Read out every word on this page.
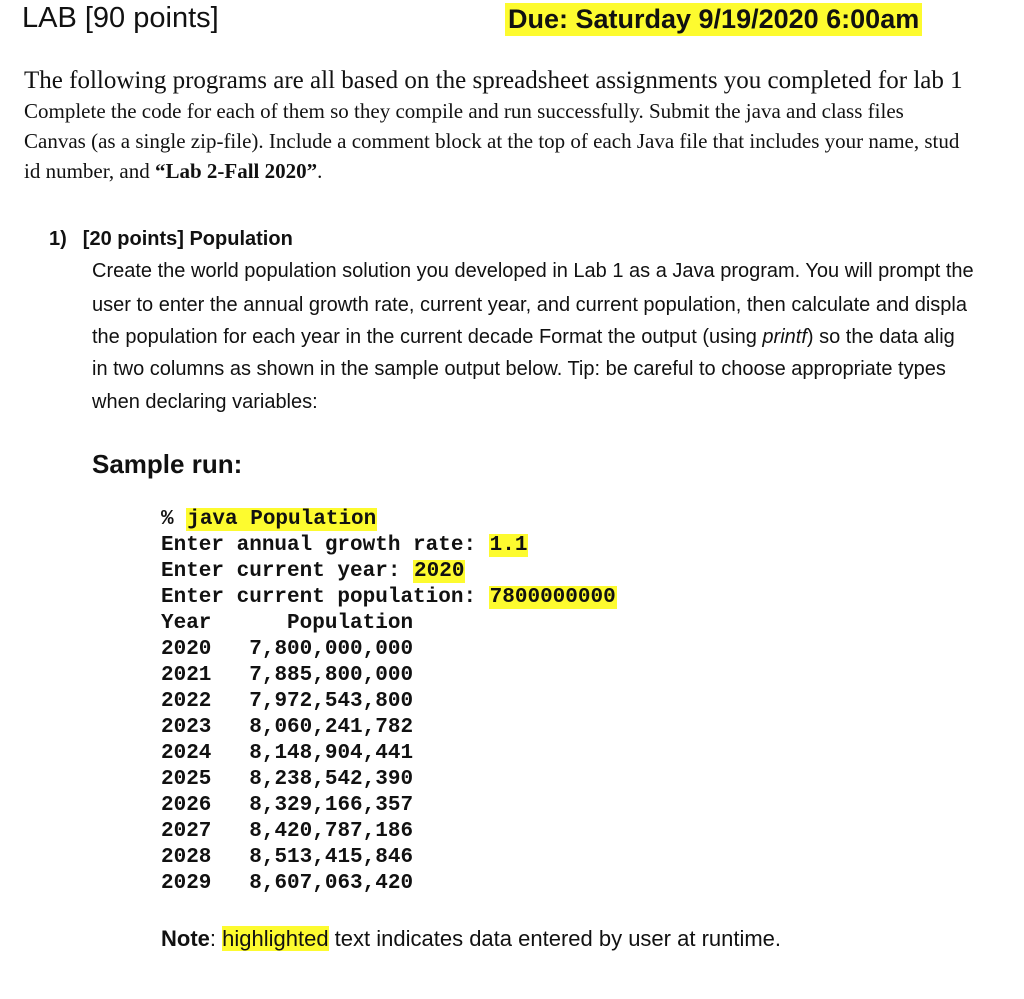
LAB [90 points]	Due: Saturday 9/19/2020 6:00am
The following programs are all based on the spreadsheet assignments you completed for lab 1
Complete the code for each of them so they compile and run successfully. Submit the java and class files
Canvas (as a single zip-file). Include a comment block at the top of each Java file that includes your name, stud
id number, and “Lab 2-Fall 2020”.
1) [20 points] Population
Create the world population solution you developed in Lab 1 as a Java program. You will prompt the
user to enter the annual growth rate, current year, and current population, then calculate and displa
the population for each year in the current decade Format the output (using printf) so the data alig
in two columns as shown in the sample output below. Tip: be careful to choose appropriate types
when declaring variables:
Sample run:
% java Population
Enter annual growth rate: 1.1
Enter current year: 2020
Enter current population: 7800000000
Year	Population
2020 7,800,000,000
2021 7,885,800,000
2022 7,972,543,800
2023 8,060,241,782
2024 8,148,904,441
2025 8,238,542,390
2026 8,329,166,357
2027 8,420,787,186
2028 8,513,415,846
2029 8,607,063,420
Note: highlighted text indicates data entered by user at runtime.
